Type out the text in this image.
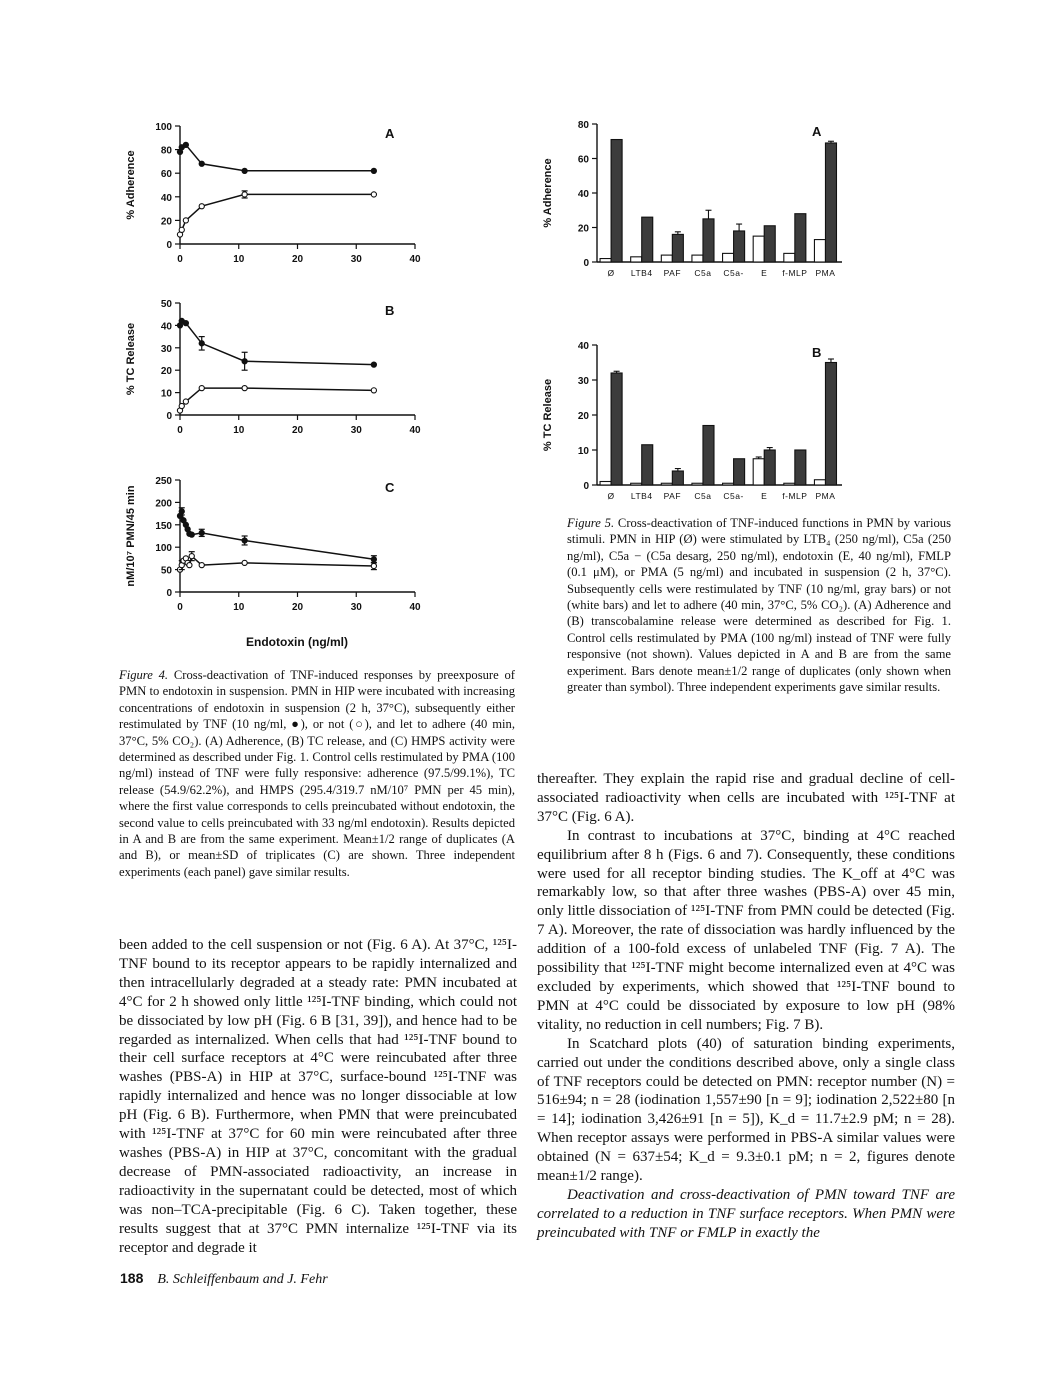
0
20
40
60
80
100
% Adherence
A
0	10	20	30	40
0
10
20
30
40
50
% TC Release
B
0	10	20	30	40
0
50
100
150
200
250
nM/10⁷ PMN/45 min	C
0	10	20	30	40
Endotoxin (ng/ml)
0
20
40
60
80
% Adherence
A
Ø LTB4 PAF C5a C5a- E f-MLP PMA
0
10
20
30
40
% TC Release
B
Ø LTB4 PAF C5a C5a- E f-MLP PMA
Figure 5. Cross-deactivation of TNF-induced functions in PMN by various stimuli. PMN in HIP (Ø) were stimulated by LTB₄ (250 ng/ml), C5a (250 ng/ml), C5a − (C5a desarg, 250 ng/ml), endotoxin (E, 40 ng/ml), FMLP (0.1 μM), or PMA (5 ng/ml) and incubated in suspension (2 h, 37°C). Subsequently cells were restimulated by TNF (10 ng/ml, gray bars) or not (white bars) and let to adhere (40 min, 37°C, 5% CO₂). (A) Adherence and (B) transcobalamine release were determined as described for Fig. 1. Control cells restimulated by PMA (100 ng/ml) instead of TNF were fully responsive (not shown). Values depicted in A and B are from the same experiment. Bars denote mean±1/2 range of duplicates (only shown when greater than symbol). Three independent experiments gave similar results.
Figure 4. Cross-deactivation of TNF-induced responses by preexposure of PMN to endotoxin in suspension. PMN in HIP were incubated with increasing concentrations of endotoxin in suspension (2 h, 37°C), subsequently either restimulated by TNF (10 ng/ml, ●), or not (○), and let to adhere (40 min, 37°C, 5% CO₂). (A) Adherence, (B) TC release, and (C) HMPS activity were determined as described under Fig. 1. Control cells restimulated by PMA (100 ng/ml) instead of TNF were fully responsive: adherence (97.5/99.1%), TC release (54.9/62.2%), and HMPS (295.4/319.7 nM/10⁷ PMN per 45 min), where the first value corresponds to cells preincubated without endotoxin, the second value to cells preincubated with 33 ng/ml endotoxin). Results depicted in A and B are from the same experiment. Mean±1/2 range of duplicates (A and B), or mean±SD of triplicates (C) are shown. Three independent experiments (each panel) gave similar results.

been added to the cell suspension or not (Fig. 6 A). At 37°C, ¹²⁵I-TNF bound to its receptor appears to be rapidly internalized and then intracellularly degraded at a steady rate: PMN incubated at 4°C for 2 h showed only little ¹²⁵I-TNF binding, which could not be dissociated by low pH (Fig. 6 B [31, 39]), and hence had to be regarded as internalized. When cells that had ¹²⁵I-TNF bound to their cell surface receptors at 4°C were reincubated after three washes (PBS-A) in HIP at 37°C, surface-bound ¹²⁵I-TNF was rapidly internalized and hence was no longer dissociable at low pH (Fig. 6 B). Furthermore, when PMN that were preincubated with ¹²⁵I-TNF at 37°C for 60 min were reincubated after three washes (PBS-A) in HIP at 37°C, concomitant with the gradual decrease of PMN-associated radioactivity, an increase in radioactivity in the supernatant could be detected, most of which was non–TCA-precipitable (Fig. 6 C). Taken together, these results suggest that at 37°C PMN internalize ¹²⁵I-TNF via its receptor and degrade it

thereafter. They explain the rapid rise and gradual decline of cell-associated radioactivity when cells are incubated with ¹²⁵I-TNF at 37°C (Fig. 6 A).

In contrast to incubations at 37°C, binding at 4°C reached equilibrium after 8 h (Figs. 6 and 7). Consequently, these conditions were used for all receptor binding studies. The K_off at 4°C was remarkably low, so that after three washes (PBS-A) over 45 min, only little dissociation of ¹²⁵I-TNF from PMN could be detected (Fig. 7 A). Moreover, the rate of dissociation was hardly influenced by the addition of a 100-fold excess of unlabeled TNF (Fig. 7 A). The possibility that ¹²⁵I-TNF might become internalized even at 4°C was excluded by experiments, which showed that ¹²⁵I-TNF bound to PMN at 4°C could be dissociated by exposure to low pH (98% vitality, no reduction in cell numbers; Fig. 7 B).

In Scatchard plots (40) of saturation binding experiments, carried out under the conditions described above, only a single class of TNF receptors could be detected on PMN: receptor number (N) = 516±94; n = 28 (iodination 1,557±90 [n = 9]; iodination 2,522±80 [n = 14]; iodination 3,426±91 [n = 5]), K_d = 11.7±2.9 pM; n = 28). When receptor assays were performed in PBS-A similar values were obtained (N = 637±54; K_d = 9.3±0.1 pM; n = 2, figures denote mean±1/2 range).

Deactivation and cross-deactivation of PMN toward TNF are correlated to a reduction in TNF surface receptors. When PMN were preincubated with TNF or FMLP in exactly the

188 B. Schleiffenbaum and J. Fehr
